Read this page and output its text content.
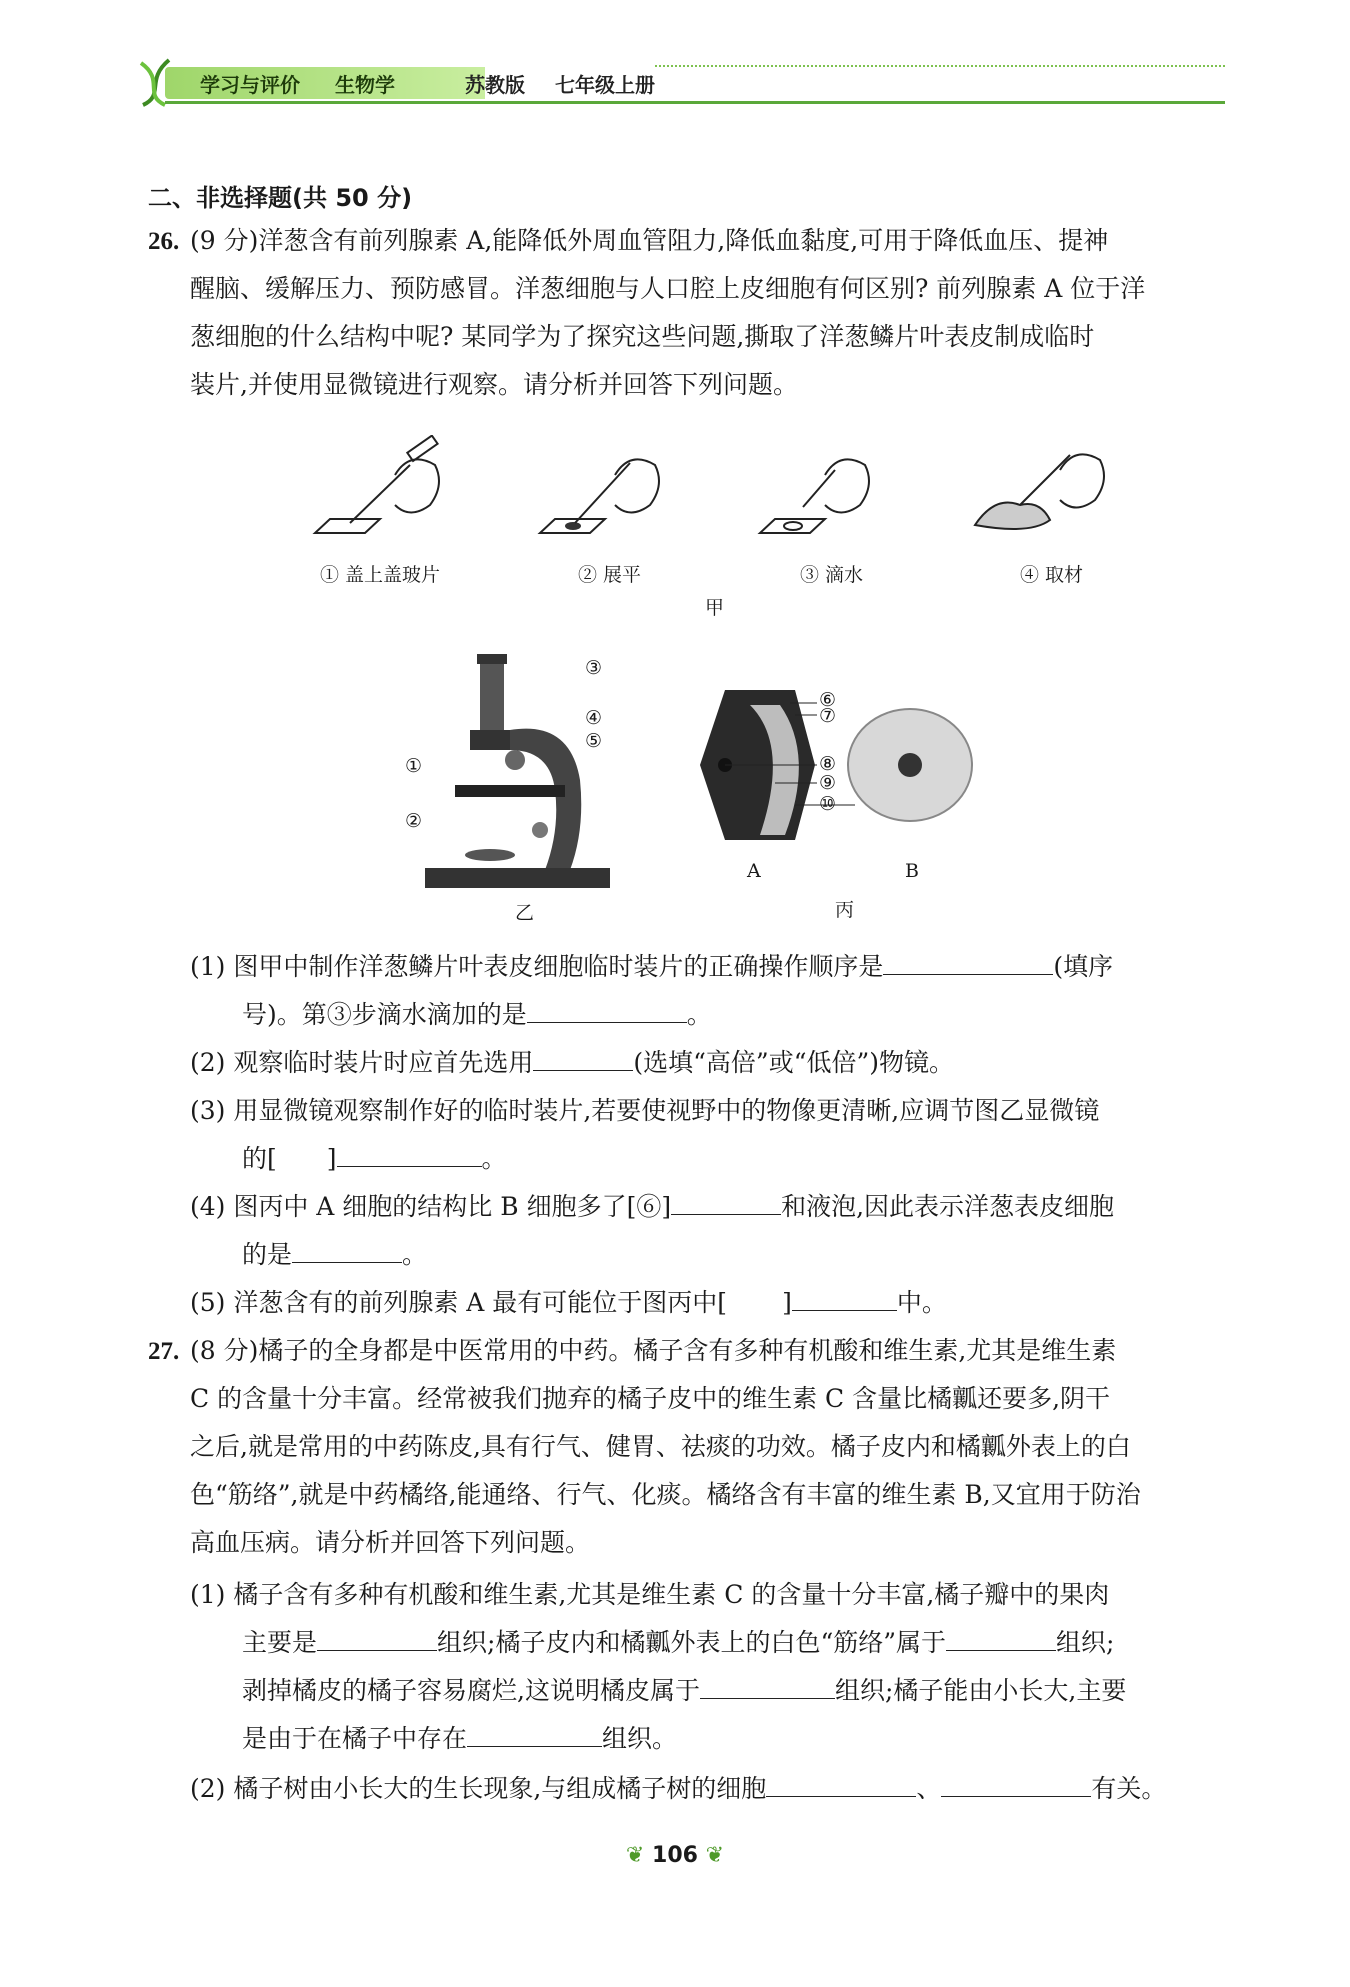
学习与评价 生物学	苏教版 七年级上册
二、非选择题(共 50 分)
26. (9 分)洋葱含有前列腺素 A,能降低外周血管阻力,降低血黏度,可用于降低血压、提神
醒脑、缓解压力、预防感冒。洋葱细胞与人口腔上皮细胞有何区别? 前列腺素 A 位于洋
葱细胞的什么结构中呢? 某同学为了探究这些问题,撕取了洋葱鳞片叶表皮制成临时
装片,并使用显微镜进行观察。请分析并回答下列问题。
① 盖上盖玻片	② 展平	③ 滴水	④ 取材
甲
①
②
③
④
⑤
乙
⑥
⑦
⑧
⑨
⑩
A	B
丙
(1) 图甲中制作洋葱鳞片叶表皮细胞临时装片的正确操作顺序是	(填序
号)。第③步滴水滴加的是	。
(2) 观察临时装片时应首先选用	(选填“高倍”或“低倍”)物镜。
(3) 用显微镜观察制作好的临时装片,若要使视野中的物像更清晰,应调节图乙显微镜
的[ ]	。
(4) 图丙中 A 细胞的结构比 B 细胞多了[⑥]	和液泡,因此表示洋葱表皮细胞
的是	。
(5) 洋葱含有的前列腺素 A 最有可能位于图丙中[ ]	中。
27. (8 分)橘子的全身都是中医常用的中药。橘子含有多种有机酸和维生素,尤其是维生素
C 的含量十分丰富。经常被我们抛弃的橘子皮中的维生素 C 含量比橘瓤还要多,阴干
之后,就是常用的中药陈皮,具有行气、健胃、祛痰的功效。橘子皮内和橘瓤外表上的白
色“筋络”,就是中药橘络,能通络、行气、化痰。橘络含有丰富的维生素 B,又宜用于防治
高血压病。请分析并回答下列问题。
(1) 橘子含有多种有机酸和维生素,尤其是维生素 C 的含量十分丰富,橘子瓣中的果肉
主要是	组织;橘子皮内和橘瓤外表上的白色“筋络”属于	组织;
剥掉橘皮的橘子容易腐烂,这说明橘皮属于	组织;橘子能由小长大,主要
是由于在橘子中存在	组织。
(2) 橘子树由小长大的生长现象,与组成橘子树的细胞	、	有关。
❦ 106 ❦
